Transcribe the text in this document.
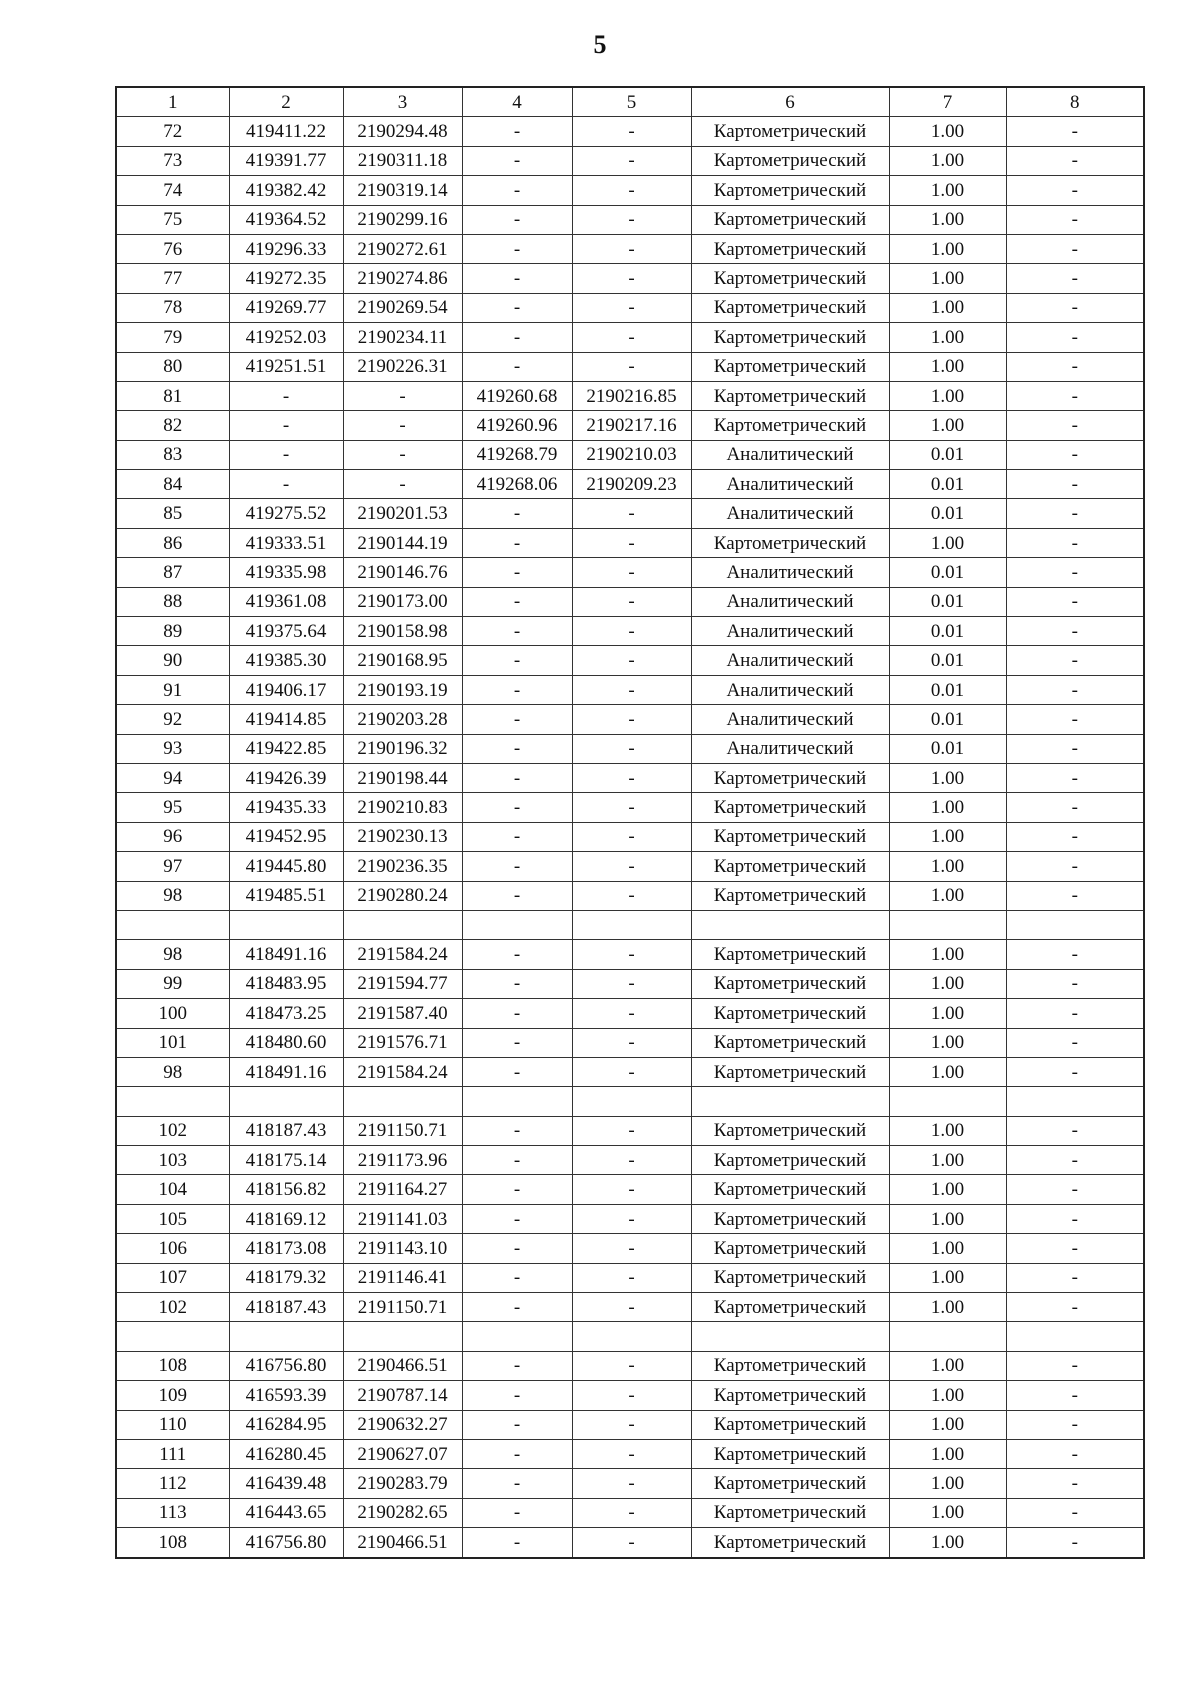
5
1	2	3	4	5	6	7	8
72	419411.22	2190294.48	-	-	Картометрический	1.00	-
73	419391.77	2190311.18	-	-	Картометрический	1.00	-
74	419382.42	2190319.14	-	-	Картометрический	1.00	-
75	419364.52	2190299.16	-	-	Картометрический	1.00	-
76	419296.33	2190272.61	-	-	Картометрический	1.00	-
77	419272.35	2190274.86	-	-	Картометрический	1.00	-
78	419269.77	2190269.54	-	-	Картометрический	1.00	-
79	419252.03	2190234.11	-	-	Картометрический	1.00	-
80	419251.51	2190226.31	-	-	Картометрический	1.00	-
81	-	-	419260.68	2190216.85	Картометрический	1.00	-
82	-	-	419260.96	2190217.16	Картометрический	1.00	-
83	-	-	419268.79	2190210.03	Аналитический	0.01	-
84	-	-	419268.06	2190209.23	Аналитический	0.01	-
85	419275.52	2190201.53	-	-	Аналитический	0.01	-
86	419333.51	2190144.19	-	-	Картометрический	1.00	-
87	419335.98	2190146.76	-	-	Аналитический	0.01	-
88	419361.08	2190173.00	-	-	Аналитический	0.01	-
89	419375.64	2190158.98	-	-	Аналитический	0.01	-
90	419385.30	2190168.95	-	-	Аналитический	0.01	-
91	419406.17	2190193.19	-	-	Аналитический	0.01	-
92	419414.85	2190203.28	-	-	Аналитический	0.01	-
93	419422.85	2190196.32	-	-	Аналитический	0.01	-
94	419426.39	2190198.44	-	-	Картометрический	1.00	-
95	419435.33	2190210.83	-	-	Картометрический	1.00	-
96	419452.95	2190230.13	-	-	Картометрический	1.00	-
97	419445.80	2190236.35	-	-	Картометрический	1.00	-
98	419485.51	2190280.24	-	-	Картометрический	1.00	-

98	418491.16	2191584.24	-	-	Картометрический	1.00	-
99	418483.95	2191594.77	-	-	Картометрический	1.00	-
100	418473.25	2191587.40	-	-	Картометрический	1.00	-
101	418480.60	2191576.71	-	-	Картометрический	1.00	-
98	418491.16	2191584.24	-	-	Картометрический	1.00	-

102	418187.43	2191150.71	-	-	Картометрический	1.00	-
103	418175.14	2191173.96	-	-	Картометрический	1.00	-
104	418156.82	2191164.27	-	-	Картометрический	1.00	-
105	418169.12	2191141.03	-	-	Картометрический	1.00	-
106	418173.08	2191143.10	-	-	Картометрический	1.00	-
107	418179.32	2191146.41	-	-	Картометрический	1.00	-
102	418187.43	2191150.71	-	-	Картометрический	1.00	-

108	416756.80	2190466.51	-	-	Картометрический	1.00	-
109	416593.39	2190787.14	-	-	Картометрический	1.00	-
110	416284.95	2190632.27	-	-	Картометрический	1.00	-
111	416280.45	2190627.07	-	-	Картометрический	1.00	-
112	416439.48	2190283.79	-	-	Картометрический	1.00	-
113	416443.65	2190282.65	-	-	Картометрический	1.00	-
108	416756.80	2190466.51	-	-	Картометрический	1.00	-
